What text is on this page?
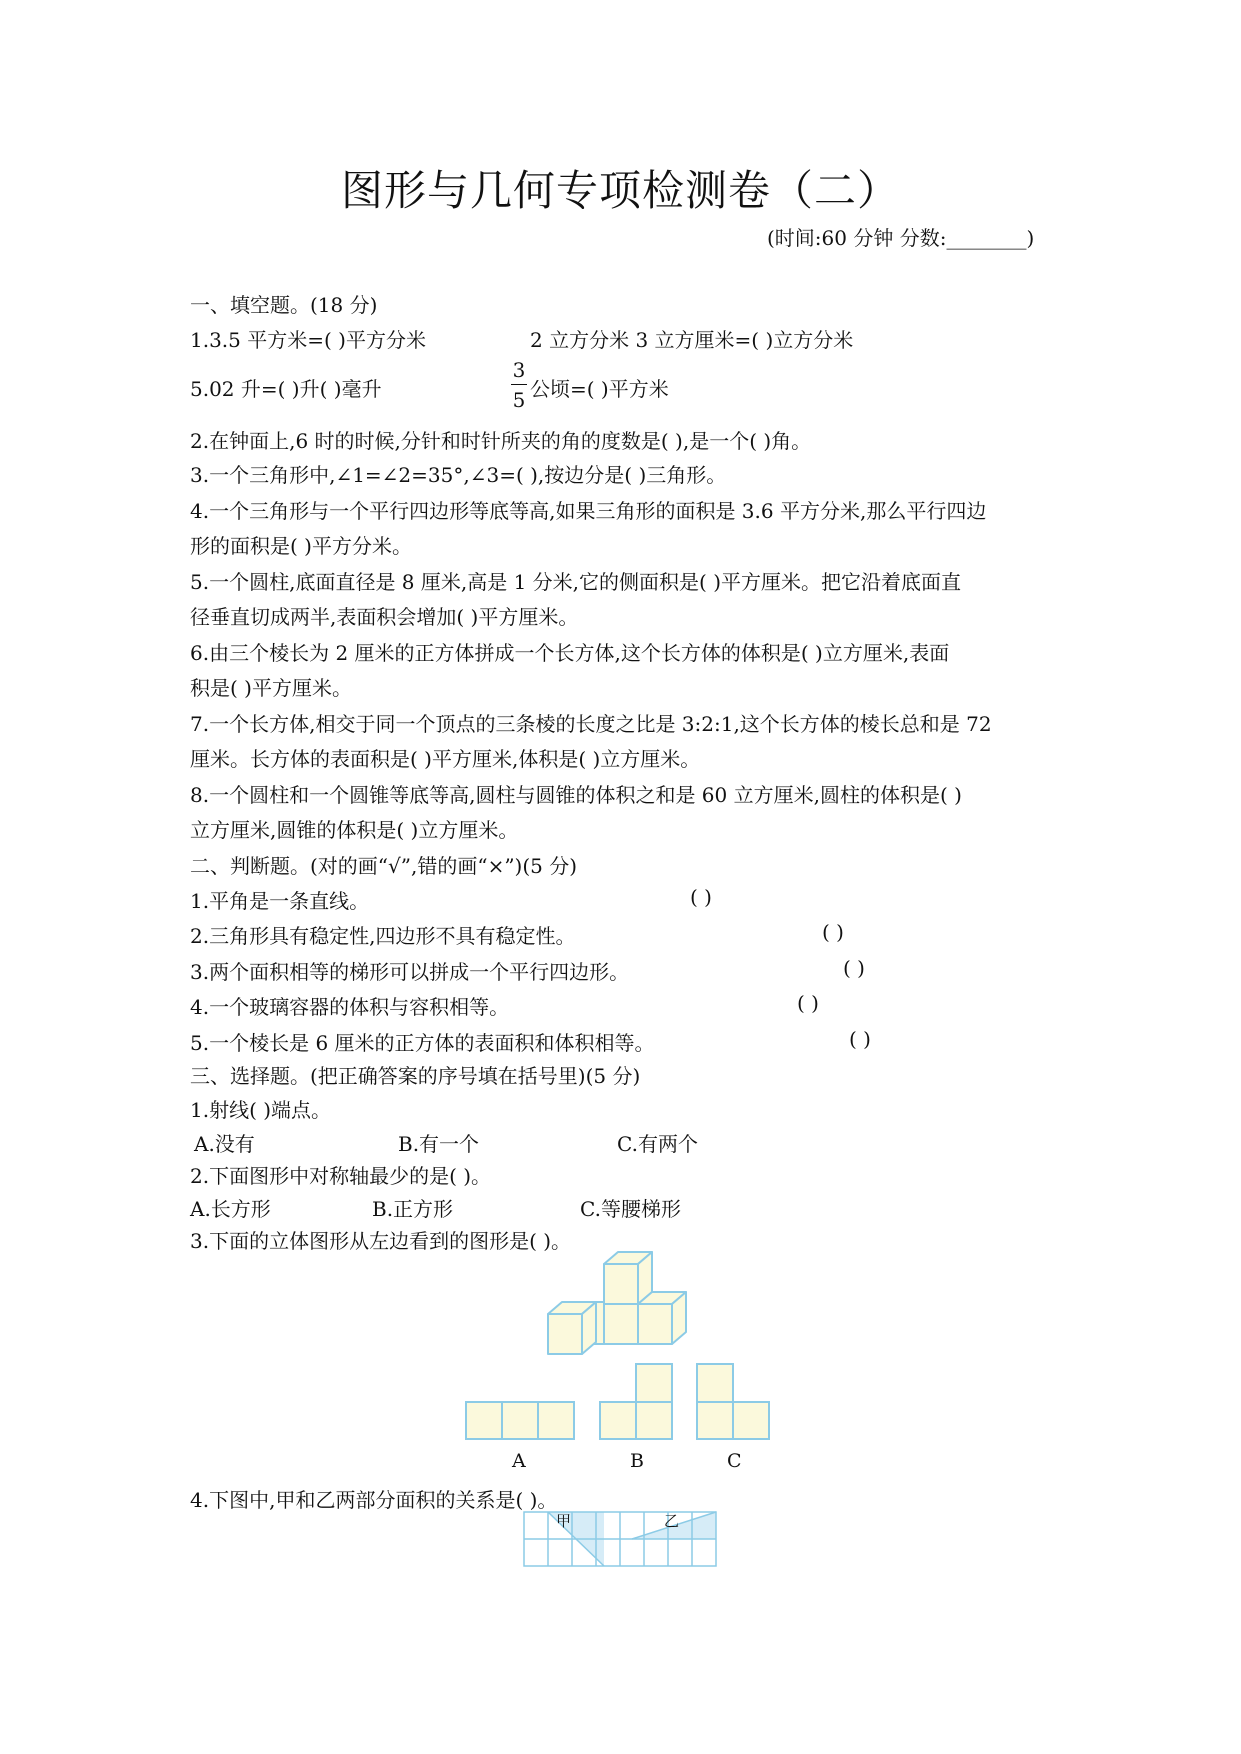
图形与几何专项检测卷（二）
(时间:60 分钟 分数:________)
一、填空题。(18 分)
1.3.5 平方米=( )平方分米	2 立方分米 3 立方厘米=( )立方分米
5.02 升=( )升( )毫升
3
5 公顷=( )平方米
2.在钟面上,6 时的时候,分针和时针所夹的角的度数是( ),是一个( )角。
3.一个三角形中,∠1=∠2=35°,∠3=( ),按边分是( )三角形。
4.一个三角形与一个平行四边形等底等高,如果三角形的面积是 3.6 平方分米,那么平行四边
形的面积是( )平方分米。
5.一个圆柱,底面直径是 8 厘米,高是 1 分米,它的侧面积是( )平方厘米。把它沿着底面直
径垂直切成两半,表面积会增加( )平方厘米。
6.由三个棱长为 2 厘米的正方体拼成一个长方体,这个长方体的体积是( )立方厘米,表面
积是( )平方厘米。
7.一个长方体,相交于同一个顶点的三条棱的长度之比是 3:2:1,这个长方体的棱长总和是 72
厘米。长方体的表面积是( )平方厘米,体积是( )立方厘米。
8.一个圆柱和一个圆锥等底等高,圆柱与圆锥的体积之和是 60 立方厘米,圆柱的体积是( )
立方厘米,圆锥的体积是( )立方厘米。
二、判断题。(对的画“√”,错的画“×”)(5 分)
1.平角是一条直线。	( )
2.三角形具有稳定性,四边形不具有稳定性。	( )
3.两个面积相等的梯形可以拼成一个平行四边形。	( )
4.一个玻璃容器的体积与容积相等。	( )
5.一个棱长是 6 厘米的正方体的表面积和体积相等。	( )
三、选择题。(把正确答案的序号填在括号里)(5 分)
1.射线( )端点。
A.没有	B.有一个	C.有两个
2.下面图形中对称轴最少的是( )。
A.长方形	B.正方形	C.等腰梯形
3.下面的立体图形从左边看到的图形是( )。
A	B	C
4.下图中,甲和乙两部分面积的关系是( )。
甲	乙
